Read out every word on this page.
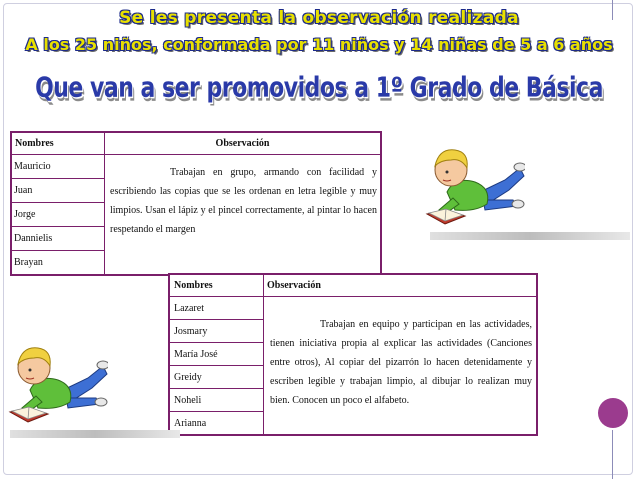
Se les presenta la observación realizada
A los 25 niños, conformada por 11 niños y 14 niñas de 5 a 6 años
Que van a ser promovidos a 1º Grado de Básica
Nombres	Observación
Mauricio	Trabajan en grupo, armando con facilidad y escribiendo las copias que se les ordenan en letra legible y muy limpios. Usan el lápiz y el pincel correctamente, al pintar lo hacen respetando el margen
Juan	
Jorge	
Dannielis	
Brayan	
Nombres	Observación
Lazaret	Trabajan en equipo y participan en las actividades, tienen iniciativa propia al explicar las actividades (Canciones entre otros), Al copiar del pizarrón lo hacen detenidamente y escriben legible y trabajan limpio, al dibujar lo realizan muy bien. Conocen un poco el alfabeto.
Josmary	
María José	
Greidy	
Noheli	
Arianna	
